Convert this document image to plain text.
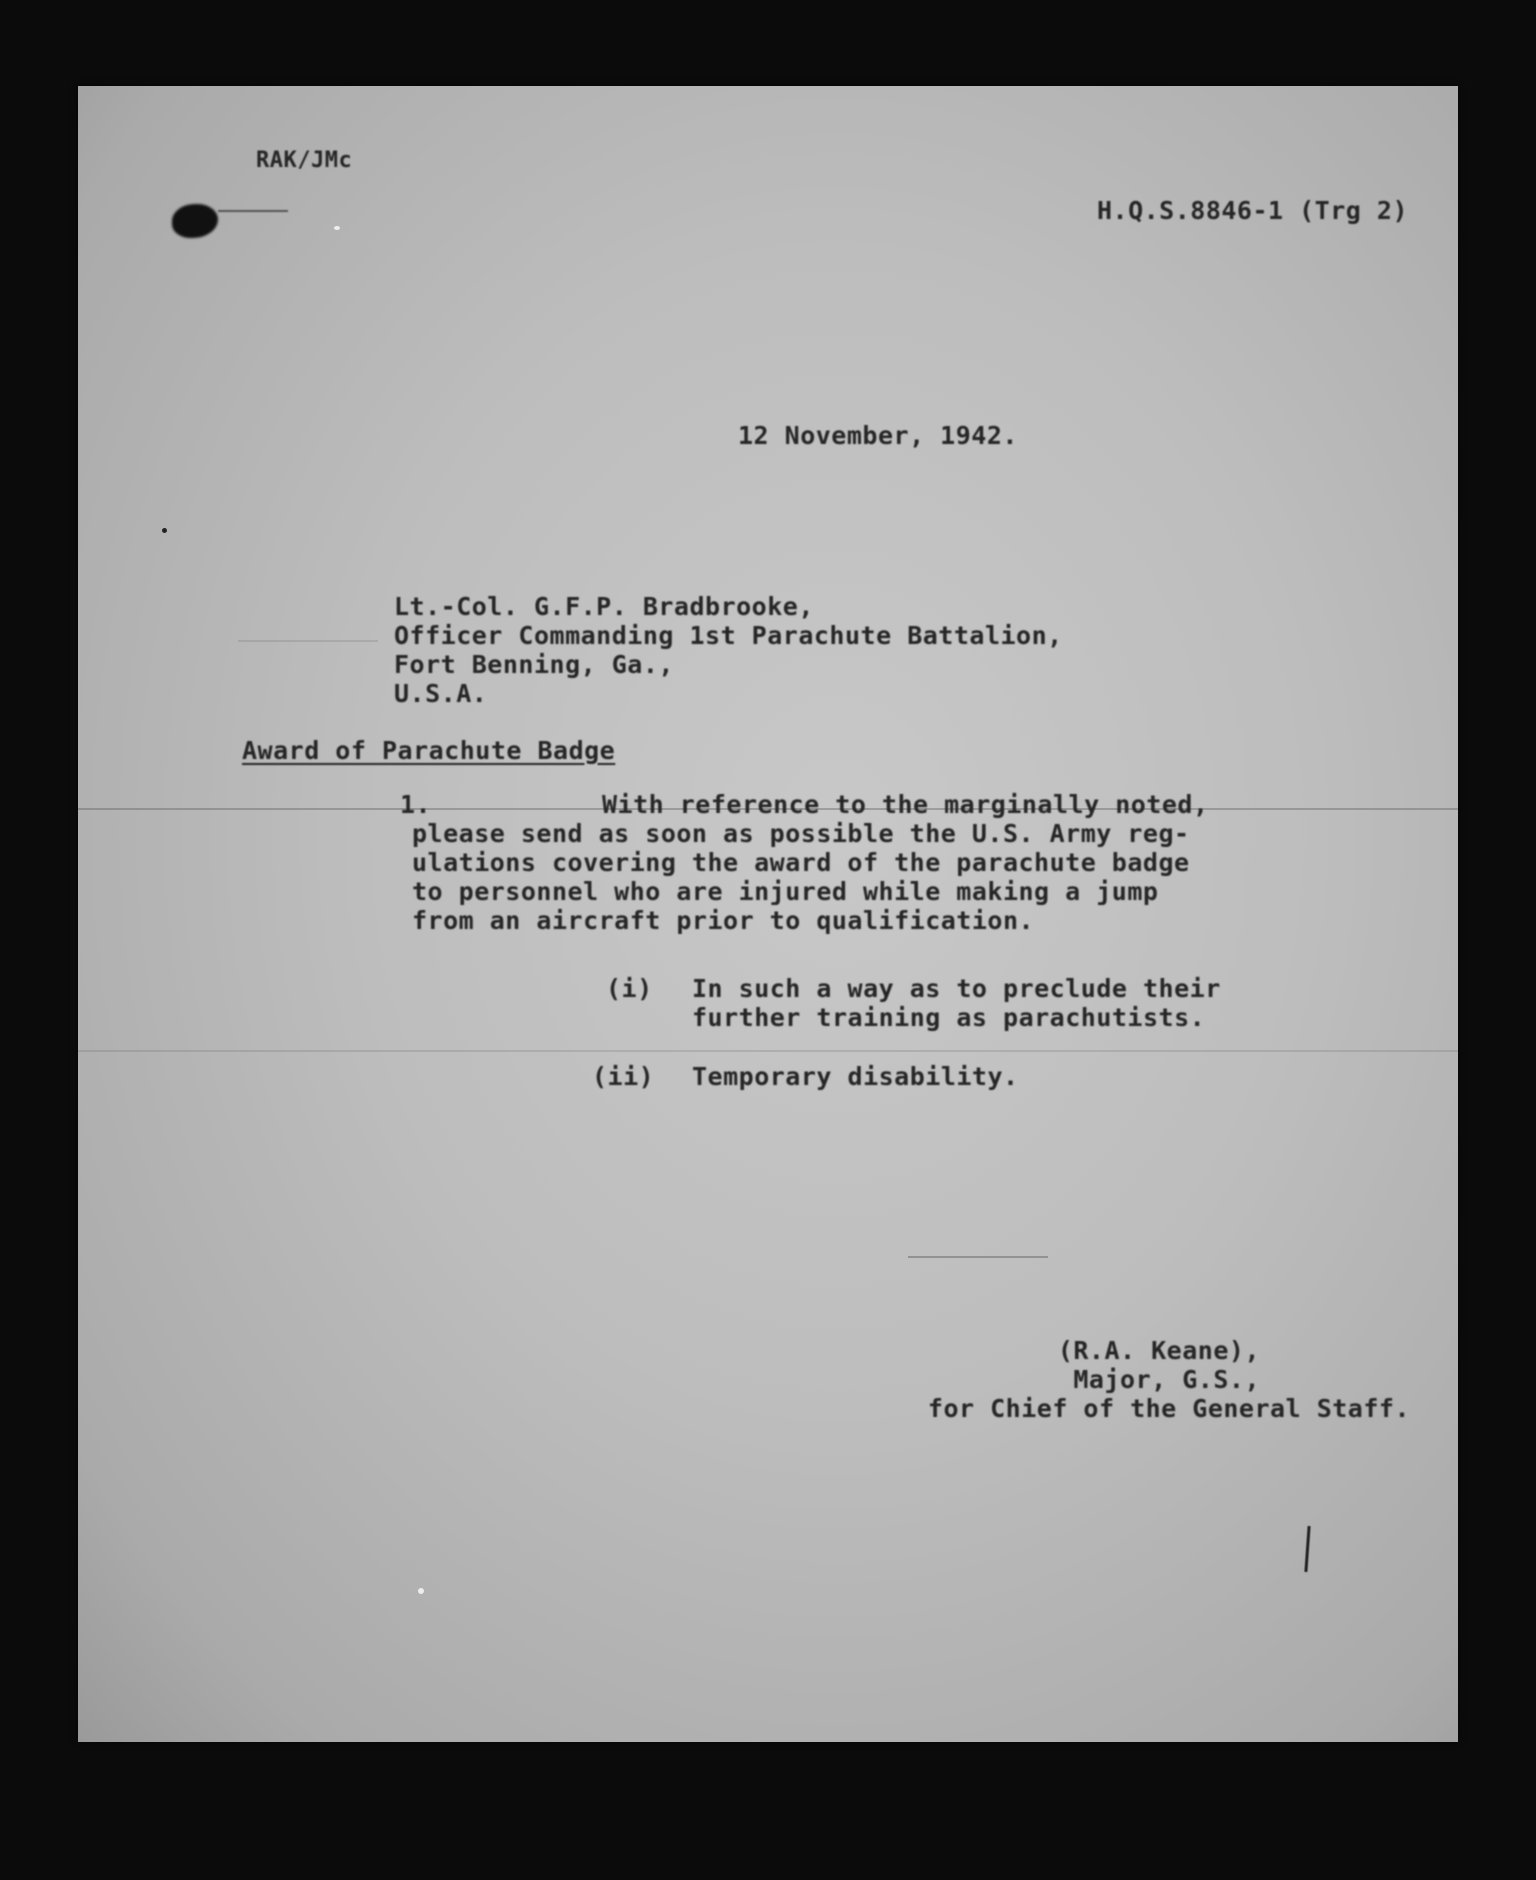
RAK/JMc
H.Q.S.8846-1 (Trg 2)
12 November, 1942.
Lt.-Col. G.F.P. Bradbrooke,
Officer Commanding 1st Parachute Battalion,
Fort Benning, Ga.,
U.S.A.
Award of Parachute Badge
1.	With reference to the marginally noted,
please send as soon as possible the U.S. Army reg-
ulations covering the award of the parachute badge
to personnel who are injured while making a jump
from an aircraft prior to qualification.
(i) In such a way as to preclude their
further training as parachutists.
(ii) Temporary disability.
(R.A. Keane),
Major, G.S.,
for Chief of the General Staff.
